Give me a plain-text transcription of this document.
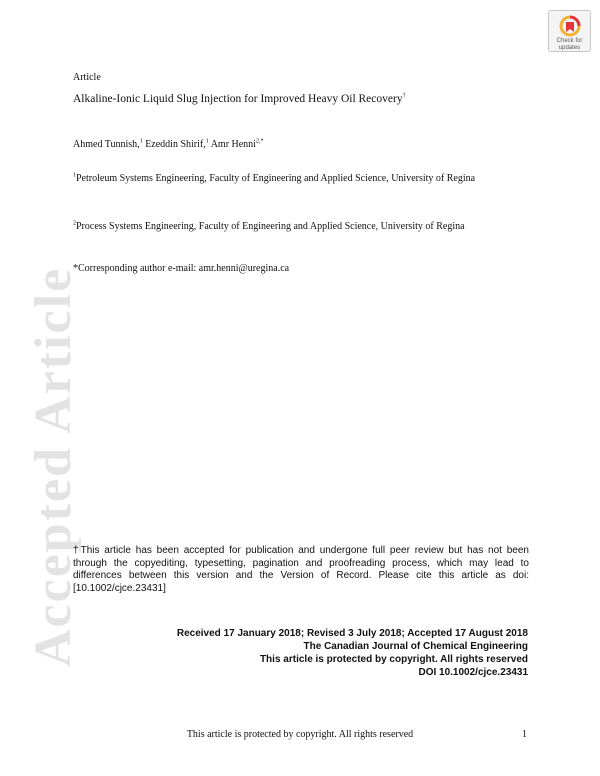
Accepted Article
Check for
updates
Article
Alkaline-Ionic Liquid Slug Injection for Improved Heavy Oil Recovery†
Ahmed Tunnish,$^1$ Ezeddin Shirif,$^1$ Amr Henni$^{2,*}$
$^1$Petroleum Systems Engineering, Faculty of Engineering and Applied Science, University of Regina
$^2$Process Systems Engineering, Faculty of Engineering and Applied Science, University of Regina
*Corresponding author e-mail: amr.henni@uregina.ca
†This article has been accepted for publication and undergone full peer review but has not been through the copyediting, typesetting, pagination and proofreading process, which may lead to differences between this version and the Version of Record. Please cite this article as doi: [10.1002/cjce.23431]
Received 17 January 2018; Revised 3 July 2018; Accepted 17 August 2018
The Canadian Journal of Chemical Engineering
This article is protected by copyright. All rights reserved
DOI 10.1002/cjce.23431
This article is protected by copyright. All rights reserved	1
